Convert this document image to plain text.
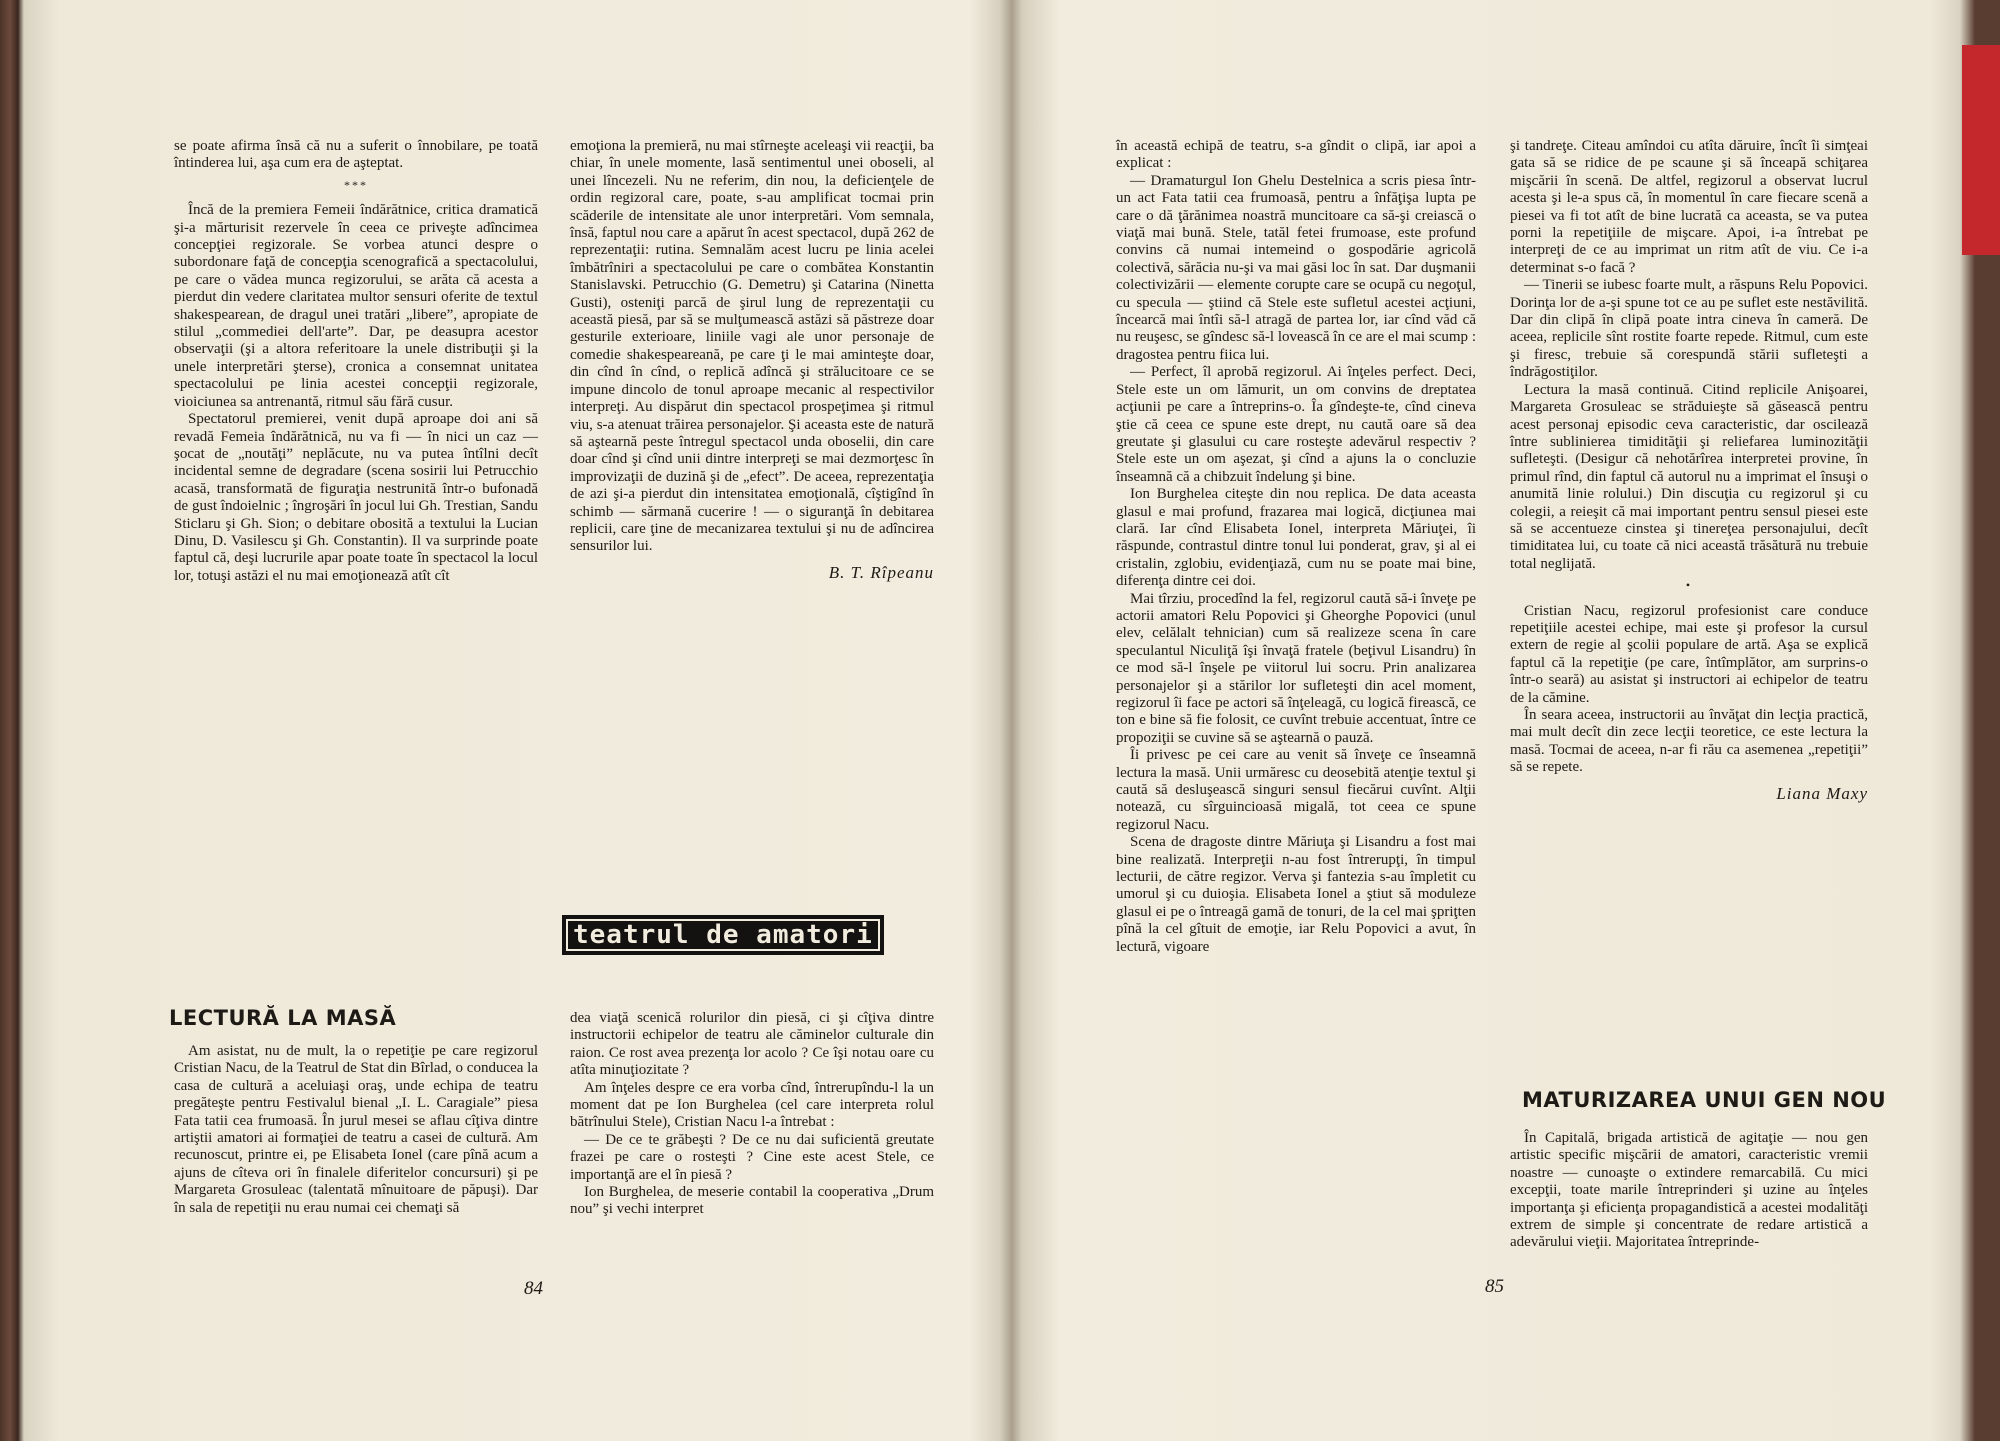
se poate afirma însă că nu a suferit o înnobilare, pe toată întinderea lui, aşa cum era de aşteptat.

***

Încă de la premiera Femeii îndărătnice, critica dramatică şi-a mărturisit rezervele în ceea ce priveşte adîncimea concepţiei regizorale. Se vorbea atunci despre o subordonare faţă de concepţia scenografică a spectacolului, pe care o vădea munca regizorului, se arăta că acesta a pierdut din vedere claritatea multor sensuri oferite de textul shakespearean, de dragul unei tratări „libere”, apropiate de stilul „commediei dell'arte”. Dar, pe deasupra acestor observaţii (şi a altora referitoare la unele distribuţii şi la unele interpretări şterse), cronica a consemnat unitatea spectacolului pe linia acestei concepţii regizorale, vioiciunea sa antrenantă, ritmul său fără cusur.

Spectatorul premierei, venit după aproape doi ani să revadă Femeia îndărătnică, nu va fi — în nici un caz — şocat de „noutăţi” neplăcute, nu va putea întîlni decît incidental semne de degradare (scena sosirii lui Petrucchio acasă, transformată de figuraţia nestrunită într-o bufonadă de gust îndoielnic ; îngroşări în jocul lui Gh. Trestian, Sandu Sticlaru şi Gh. Sion; o debitare obosită a textului la Lucian Dinu, D. Vasilescu şi Gh. Constantin). Il va surprinde poate faptul că, deşi lucrurile apar poate toate în spectacol la locul lor, totuşi astăzi el nu mai emoţionează atît cît

emoţiona la premieră, nu mai stîrneşte aceleaşi vii reacţii, ba chiar, în unele momente, lasă sentimentul unei oboseli, al unei lîncezeli. Nu ne referim, din nou, la deficienţele de ordin regizoral care, poate, s-au amplificat tocmai prin scăderile de intensitate ale unor interpretări. Vom semnala, însă, faptul nou care a apărut în acest spectacol, după 262 de reprezentaţii: rutina. Semnalăm acest lucru pe linia acelei îmbătrîniri a spectacolului pe care o combătea Konstantin Stanislavski. Petrucchio (G. Demetru) şi Catarina (Ninetta Gusti), osteniţi parcă de şirul lung de reprezentaţii cu această piesă, par să se mulţumească astăzi să păstreze doar gesturile exterioare, liniile vagi ale unor personaje de comedie shakespeareană, pe care ţi le mai aminteşte doar, din cînd în cînd, o replică adîncă şi strălucitoare ce se impune dincolo de tonul aproape mecanic al respectivilor interpreţi. Au dispărut din spectacol prospeţimea şi ritmul viu, s-a atenuat trăirea personajelor. Şi aceasta este de natură să aştearnă peste întregul spectacol unda oboselii, din care doar cînd şi cînd unii dintre interpreţi se mai dezmorţesc în improvizaţii de duzină şi de „efect”. De aceea, reprezentaţia de azi şi-a pierdut din intensitatea emoţională, cîştigînd în schimb — sărmană cucerire ! — o siguranţă în debitarea replicii, care ţine de mecanizarea textului şi nu de adîncirea sensurilor lui.

B. T. Rîpeanu
teatrul de amatori
LECTURĂ LA MASĂ

Am asistat, nu de mult, la o repetiţie pe care regizorul Cristian Nacu, de la Teatrul de Stat din Bîrlad, o conducea la casa de cultură a aceluiaşi oraş, unde echipa de teatru pregăteşte pentru Festivalul bienal „I. L. Caragiale” piesa Fata tatii cea frumoasă. În jurul mesei se aflau cîţiva dintre artiştii amatori ai formaţiei de teatru a casei de cultură. Am recunoscut, printre ei, pe Elisabeta Ionel (care pînă acum a ajuns de cîteva ori în finalele diferitelor concursuri) şi pe Margareta Grosuleac (talentată mînuitoare de păpuşi). Dar în sala de repetiţii nu erau numai cei chemaţi să

dea viaţă scenică rolurilor din piesă, ci şi cîţiva dintre instructorii echipelor de teatru ale căminelor culturale din raion. Ce rost avea prezenţa lor acolo ? Ce îşi notau oare cu atîta minuţiozitate ?

Am înţeles despre ce era vorba cînd, întrerupîndu-l la un moment dat pe Ion Burghelea (cel care interpreta rolul bătrînului Stele), Cristian Nacu l-a întrebat :

— De ce te grăbeşti ? De ce nu dai suficientă greutate frazei pe care o rosteşti ? Cine este acest Stele, ce importanţă are el în piesă ?

Ion Burghelea, de meserie contabil la cooperativa „Drum nou” şi vechi interpret

84

în această echipă de teatru, s-a gîndit o clipă, iar apoi a explicat :

— Dramaturgul Ion Ghelu Destelnica a scris piesa într-un act Fata tatii cea frumoasă, pentru a înfăţişa lupta pe care o dă ţărănimea noastră muncitoare ca să-şi creiască o viaţă mai bună. Stele, tatăl fetei frumoase, este profund convins că numai intemeind o gospodărie agricolă colectivă, sărăcia nu-şi va mai găsi loc în sat. Dar duşmanii colectivizării — elemente corupte care se ocupă cu negoţul, cu specula — ştiind că Stele este sufletul acestei acţiuni, încearcă mai întîi să-l atragă de partea lor, iar cînd văd că nu reuşesc, se gîndesc să-l lovească în ce are el mai scump : dragostea pentru fiica lui.

— Perfect, îl aprobă regizorul. Ai înţeles perfect. Deci, Stele este un om lămurit, un om convins de dreptatea acţiunii pe care a întreprins-o. Îa gîndeşte-te, cînd cineva ştie că ceea ce spune este drept, nu caută oare să dea greutate şi glasului cu care rosteşte adevărul respectiv ? Stele este un om aşezat, şi cînd a ajuns la o concluzie înseamnă că a chibzuit îndelung şi bine.

Ion Burghelea citeşte din nou replica. De data aceasta glasul e mai profund, frazarea mai logică, dicţiunea mai clară. Iar cînd Elisabeta Ionel, interpreta Măriuţei, îi răspunde, contrastul dintre tonul lui ponderat, grav, şi al ei cristalin, zglobiu, evidenţiază, cum nu se poate mai bine, diferenţa dintre cei doi.

Mai tîrziu, procedînd la fel, regizorul caută să-i înveţe pe actorii amatori Relu Popovici şi Gheorghe Popovici (unul elev, celălalt tehnician) cum să realizeze scena în care speculantul Niculiţă îşi învaţă fratele (beţivul Lisandru) în ce mod să-l înşele pe viitorul lui socru. Prin analizarea personajelor şi a stărilor lor sufleteşti din acel moment, regizorul îi face pe actori să înţeleagă, cu logică firească, ce ton e bine să fie folosit, ce cuvînt trebuie accentuat, între ce propoziţii se cuvine să se aştearnă o pauză.

Îi privesc pe cei care au venit să înveţe ce înseamnă lectura la masă. Unii urmăresc cu deosebită atenţie textul şi caută să desluşească singuri sensul fiecărui cuvînt. Alţii notează, cu sîrguincioasă migală, tot ceea ce spune regizorul Nacu.

Scena de dragoste dintre Măriuţa şi Lisandru a fost mai bine realizată. Interpreţii n-au fost întrerupţi, în timpul lecturii, de către regizor. Verva şi fantezia s-au împletit cu umorul şi cu duioşia. Elisabeta Ionel a ştiut să moduleze glasul ei pe o întreagă gamă de tonuri, de la cel mai şpriţten pînă la cel gîtuit de emoţie, iar Relu Popovici a avut, în lectură, vigoare

şi tandreţe. Citeau amîndoi cu atîta dăruire, încît îi simţeai gata să se ridice de pe scaune şi să înceapă schiţarea mişcării în scenă. De altfel, regizorul a observat lucrul acesta şi le-a spus că, în momentul în care fiecare scenă a piesei va fi tot atît de bine lucrată ca aceasta, se va putea porni la repetiţiile de mişcare. Apoi, i-a întrebat pe interpreţi de ce au imprimat un ritm atît de viu. Ce i-a determinat s-o facă ?

— Tinerii se iubesc foarte mult, a răspuns Relu Popovici. Dorinţa lor de a-şi spune tot ce au pe suflet este nestăvilită. Dar din clipă în clipă poate intra cineva în cameră. De aceea, replicile sînt rostite foarte repede. Ritmul, cum este şi firesc, trebuie să corespundă stării sufleteşti a îndrăgostiţilor.

Lectura la masă continuă. Citind replicile Anişoarei, Margareta Grosuleac se străduieşte să găsească pentru acest personaj episodic ceva caracteristic, dar oscilează între sublinierea timidităţii şi reliefarea luminozităţii sufleteşti. (Desigur că nehotărîrea interpretei provine, în primul rînd, din faptul că autorul nu a imprimat el însuşi o anumită linie rolului.) Din discuţia cu regizorul şi cu colegii, a reieşit că mai important pentru sensul piesei este să se accentueze cinstea şi tinereţea personajului, decît timiditatea lui, cu toate că nici această trăsătură nu trebuie total neglijată.

•

Cristian Nacu, regizorul profesionist care conduce repetiţiile acestei echipe, mai este şi profesor la cursul extern de regie al şcolii populare de artă. Aşa se explică faptul că la repetiţie (pe care, întîmplător, am surprins-o într-o seară) au asistat şi instructori ai echipelor de teatru de la cămine.

În seara aceea, instructorii au învăţat din lecţia practică, mai mult decît din zece lecţii teoretice, ce este lectura la masă. Tocmai de aceea, n-ar fi rău ca asemenea „repetiţii” să se repete.

Liana Maxy
MATURIZAREA UNUI GEN NOU

În Capitală, brigada artistică de agitaţie — nou gen artistic specific mişcării de amatori, caracteristic vremii noastre — cunoaşte o extindere remarcabilă. Cu mici excepţii, toate marile întreprinderi şi uzine au înţeles importanţa şi eficienţa propagandistică a acestei modalităţi extrem de simple şi concentrate de redare artistică a adevărului vieţii. Majoritatea întreprinde-

85
